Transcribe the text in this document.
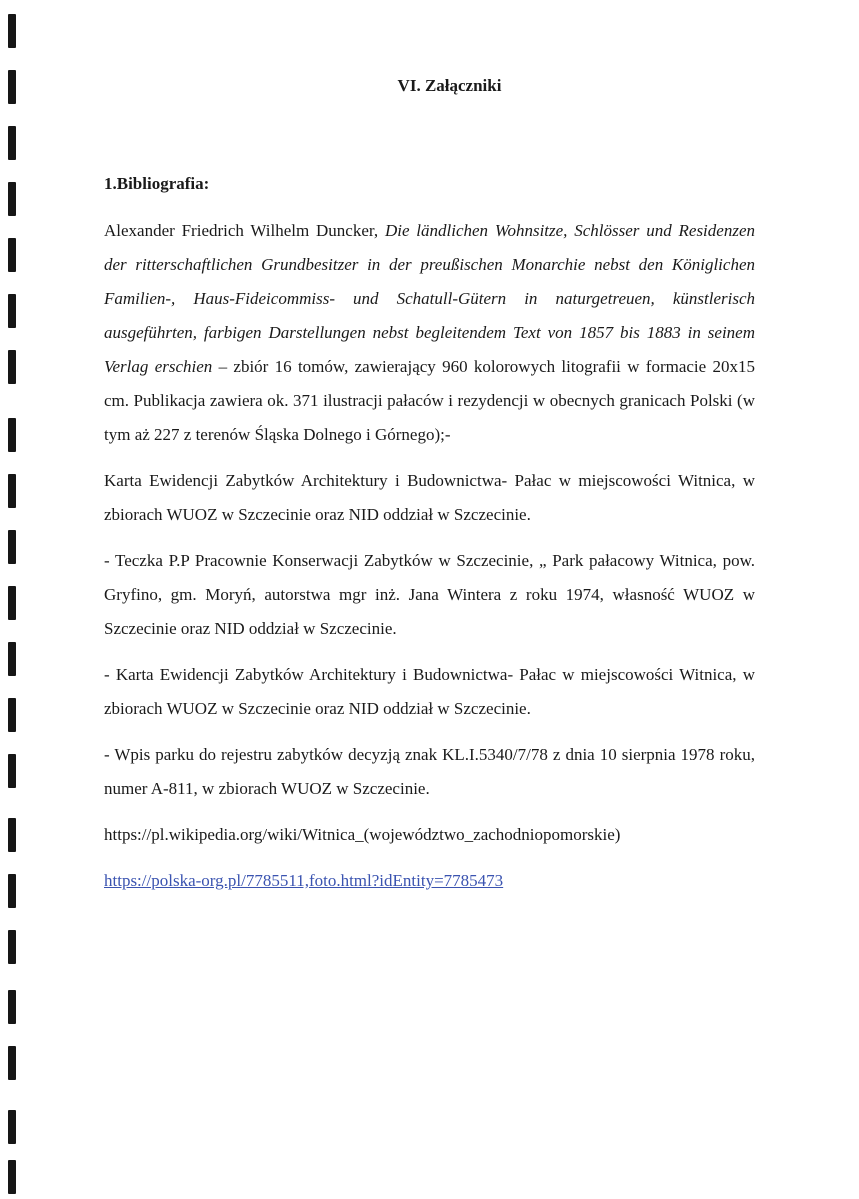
VI. Załączniki
1.Bibliografia:

Alexander Friedrich Wilhelm Duncker, Die ländlichen Wohnsitze, Schlösser und Residenzen der ritterschaftlichen Grundbesitzer in der preußischen Monarchie nebst den Königlichen Familien-, Haus-Fideicommiss- und Schatull-Gütern in naturgetreuen, künstlerisch ausgeführten, farbigen Darstellungen nebst begleitendem Text von 1857 bis 1883 in seinem Verlag erschien – zbiór 16 tomów, zawierający 960 kolorowych litografii w formacie 20x15 cm. Publikacja zawiera ok. 371 ilustracji pałaców i rezydencji w obecnych granicach Polski (w tym aż 227 z terenów Śląska Dolnego i Górnego);-

Karta Ewidencji Zabytków Architektury i Budownictwa- Pałac w miejscowości Witnica, w zbiorach WUOZ w Szczecinie oraz NID oddział w Szczecinie.

- Teczka P.P Pracownie Konserwacji Zabytków w Szczecinie, „ Park pałacowy Witnica, pow. Gryfino, gm. Moryń, autorstwa mgr inż. Jana Wintera z roku 1974, własność WUOZ w Szczecinie oraz NID oddział w Szczecinie.

- Karta Ewidencji Zabytków Architektury i Budownictwa- Pałac w miejscowości Witnica, w zbiorach WUOZ w Szczecinie oraz NID oddział w Szczecinie.

- Wpis parku do rejestru zabytków decyzją znak KL.I.5340/7/78 z dnia 10 sierpnia 1978 roku, numer A-811, w zbiorach WUOZ w Szczecinie.

https://pl.wikipedia.org/wiki/Witnica_(województwo_zachodniopomorskie)

https://polska-org.pl/7785511,foto.html?idEntity=7785473
